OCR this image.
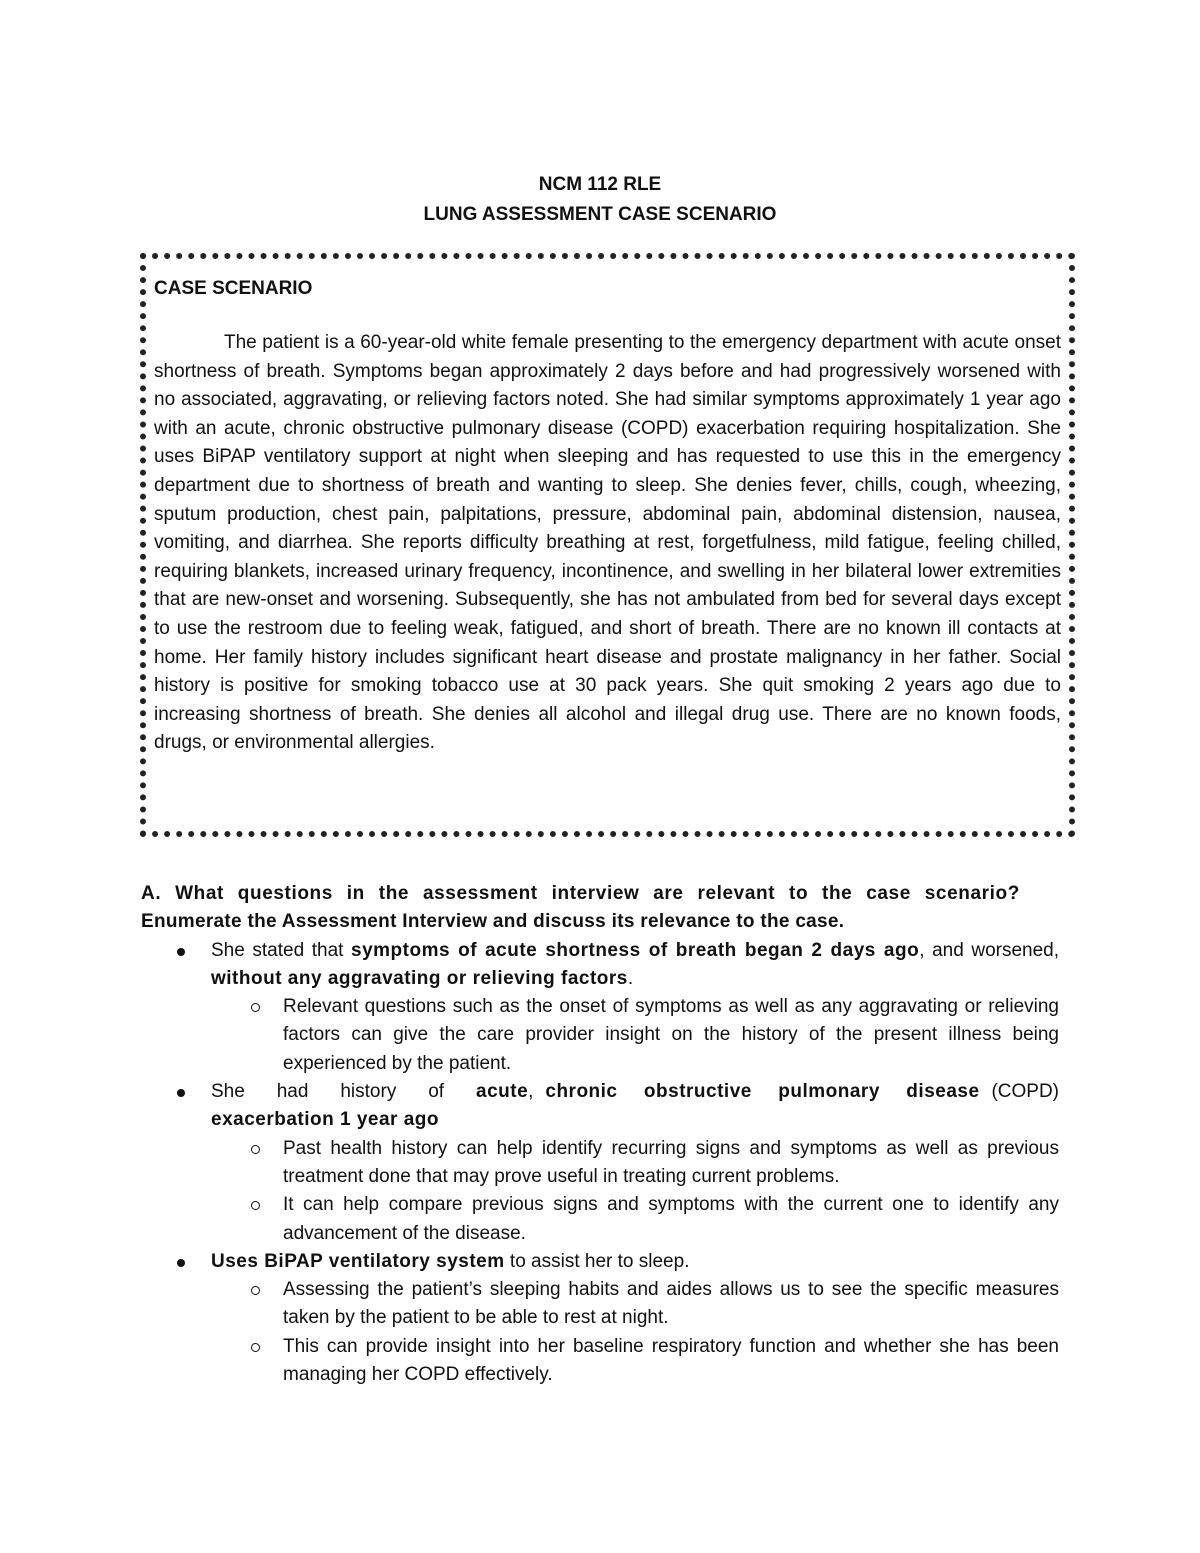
NCM 112 RLE
LUNG ASSESSMENT CASE SCENARIO

CASE SCENARIO

The patient is a 60-year-old white female presenting to the emergency department with acute onset shortness of breath. Symptoms began approximately 2 days before and had progressively worsened with no associated, aggravating, or relieving factors noted. She had similar symptoms approximately 1 year ago with an acute, chronic obstructive pulmonary disease (COPD) exacerbation requiring hospitalization. She uses BiPAP ventilatory support at night when sleeping and has requested to use this in the emergency department due to shortness of breath and wanting to sleep. She denies fever, chills, cough, wheezing, sputum production, chest pain, palpitations, pressure, abdominal pain, abdominal distension, nausea, vomiting, and diarrhea. She reports difficulty breathing at rest, forgetfulness, mild fatigue, feeling chilled, requiring blankets, increased urinary frequency, incontinence, and swelling in her bilateral lower extremities that are new-onset and worsening. Subsequently, she has not ambulated from bed for several days except to use the restroom due to feeling weak, fatigued, and short of breath. There are no known ill contacts at home. Her family history includes significant heart disease and prostate malignancy in her father. Social history is positive for smoking tobacco use at 30 pack years. She quit smoking 2 years ago due to increasing shortness of breath. She denies all alcohol and illegal drug use. There are no known foods, drugs, or environmental allergies.

A. What questions in the assessment interview are relevant to the case scenario?

Enumerate the Assessment Interview and discuss its relevance to the case.

She stated that symptoms of acute shortness of breath began 2 days ago, and worsened, without any aggravating or relieving factors.
Relevant questions such as the onset of symptoms as well as any aggravating or relieving factors can give the care provider insight on the history of the present illness being experienced by the patient.
She had history of acute, chronic obstructive pulmonary disease (COPD) exacerbation 1 year ago
Past health history can help identify recurring signs and symptoms as well as previous treatment done that may prove useful in treating current problems.
It can help compare previous signs and symptoms with the current one to identify any advancement of the disease.
Uses BiPAP ventilatory system to assist her to sleep.
Assessing the patient’s sleeping habits and aides allows us to see the specific measures taken by the patient to be able to rest at night.
This can provide insight into her baseline respiratory function and whether she has been managing her COPD effectively.
